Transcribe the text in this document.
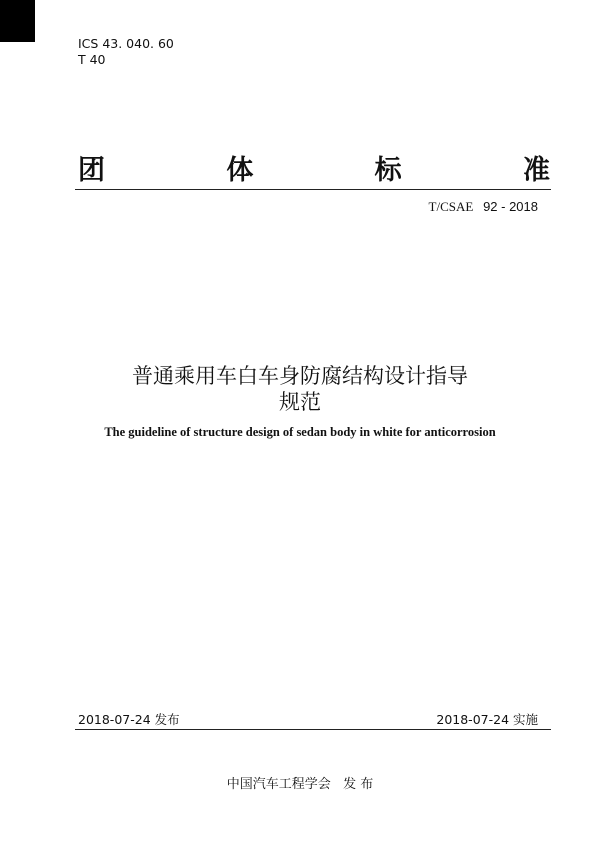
ICS 43. 040. 60
T 40
团	体	标	准
T/CSAE 92 - 2018
普通乘用车白车身防腐结构设计指导
规范
The guideline of structure design of sedan body in white for anticorrosion
2018-07-24 发布	2018-07-24 实施
中国汽车工程学会   发 布
